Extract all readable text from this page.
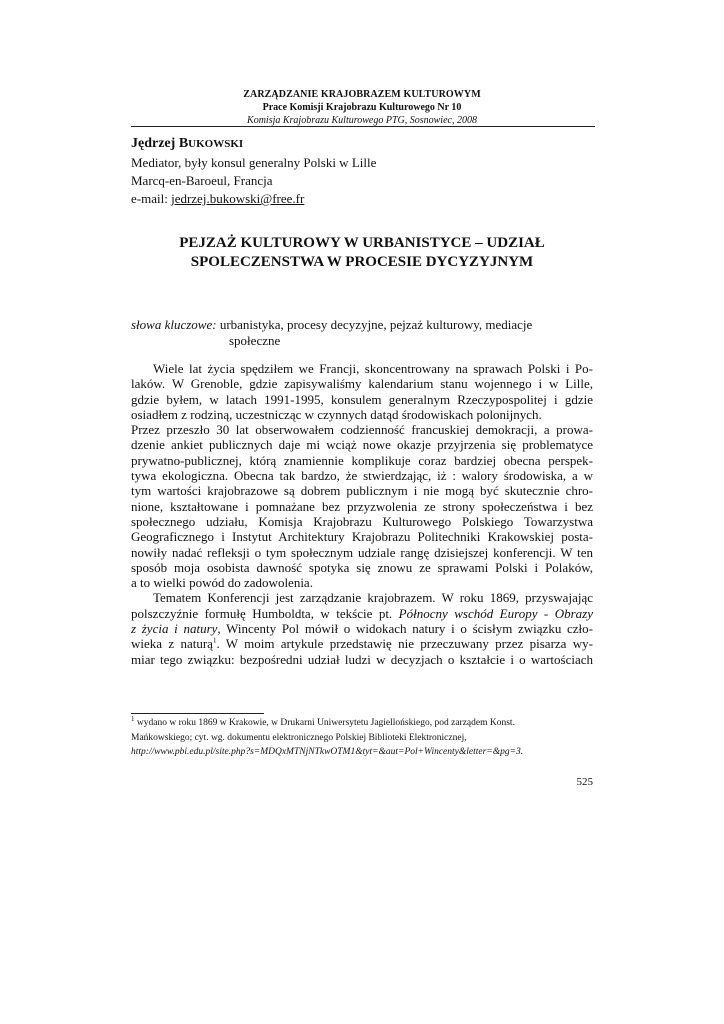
ZARZĄDZANIE KRAJOBRAZEM KULTUROWYM
Prace Komisji Krajobrazu Kulturowego Nr 10
Komisja Krajobrazu Kulturowego PTG, Sosnowiec, 2008
Jędrzej BUKOWSKI
Mediator, były konsul generalny Polski w Lille
Marcq-en-Baroeul, Francja
e-mail: jedrzej.bukowski@free.fr
PEJZAŻ KULTUROWY W URBANISTYCE – UDZIAŁ
SPOLECZENSTWA W PROCESIE DYCYZYJNYM
słowa kluczowe: urbanistyka, procesy decyzyjne, pejzaż kulturowy, mediacje
społeczne
Wiele lat życia spędziłem we Francji, skoncentrowany na sprawach Polski i Po-
laków. W Grenoble, gdzie zapisywaliśmy kalendarium stanu wojennego i w Lille,
gdzie byłem, w latach 1991-1995, konsulem generalnym Rzeczypospolitej i gdzie
osiadłem z rodziną, uczestnicząc w czynnych datąd środowiskach polonijnych.
Przez przeszło 30 lat obserwowałem codzienność francuskiej demokracji, a prowa-
dzenie ankiet publicznych daje mi wciąż nowe okazje przyjrzenia się problematyce
prywatno-publicznej, którą znamiennie komplikuje coraz bardziej obecna perspek-
tywa ekologiczna. Obecna tak bardzo, że stwierdzając, iż : walory środowiska, a w
tym wartości krajobrazowe są dobrem publicznym i nie mogą być skutecznie chro-
nione, kształtowane i pomnażane bez przyzwolenia ze strony społeczeństwa i bez
społecznego udziału, Komisja Krajobrazu Kulturowego Polskiego Towarzystwa
Geograficznego i Instytut Architektury Krajobrazu Politechniki Krakowskiej posta-
nowiły nadać refleksji o tym społecznym udziale rangę dzisiejszej konferencji. W ten
sposób moja osobista dawność spotyka się znowu ze sprawami Polski i Polaków,
a to wielki powód do zadowolenia.
Tematem Konferencji jest zarządzanie krajobrazem. W roku 1869, przyswajając
polszczyźnie formułę Humboldta, w tekście pt. Północny wschód Europy - Obrazy
z życia i natury, Wincenty Pol mówił o widokach natury i o ścisłym związku czło-
wieka z naturą$^1$. W moim artykule przedstawię nie przeczuwany przez pisarza wy-
miar tego związku: bezpośredni udział ludzi w decyzjach o kształcie i o wartościach
$^1$ wydano w roku 1869 w Krakowie, w Drukarni Uniwersytetu Jagiellońskiego, pod zarządem Konst.
Mańkowskiego; cyt. wg. dokumentu elektronicznego Polskiej Biblioteki Elektronicznej,
http://www.pbi.edu.pl/site.php?s=MDQxMTNjNTkwOTM1&tyt=&aut=Pol+Wincenty&letter=&pg=3.
525
